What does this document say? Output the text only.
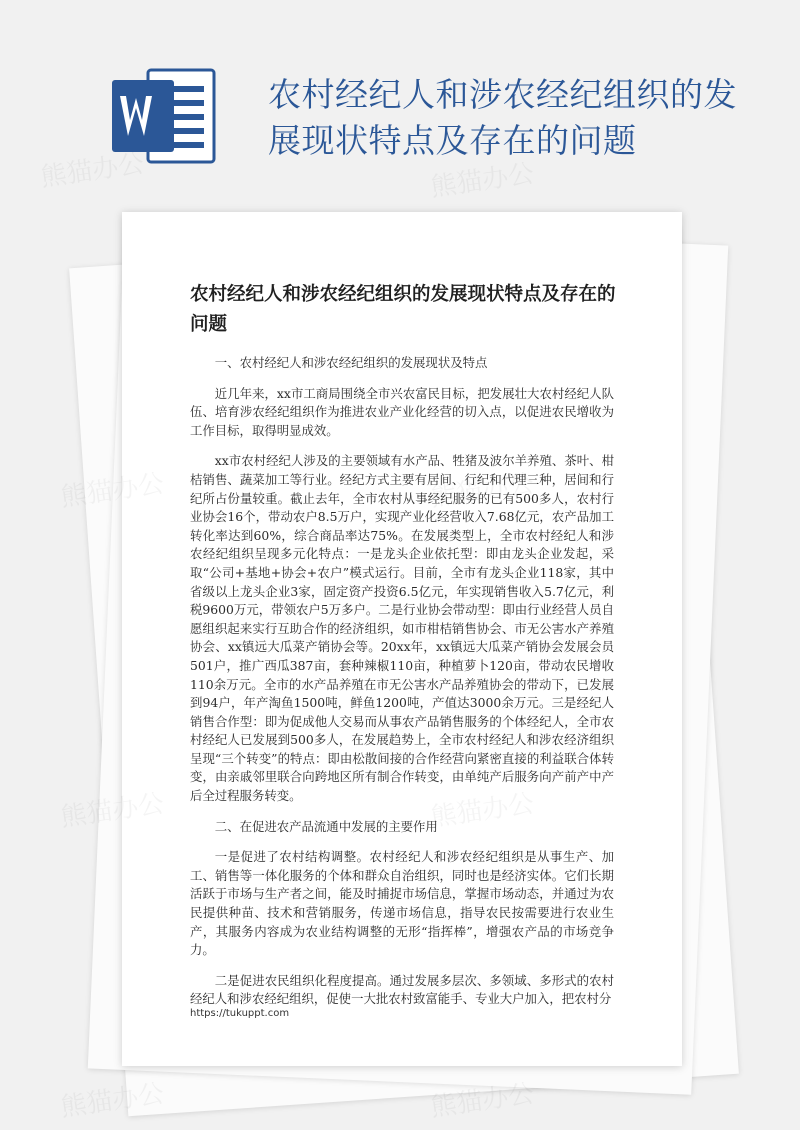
农村经纪人和涉农经纪组织的发展现状特点及存在的问题
农村经纪人和涉农经纪组织的发展现状特点及存在的问题

一、农村经纪人和涉农经纪组织的发展现状及特点

近几年来，xx市工商局围绕全市兴农富民目标，把发展壮大农村经纪人队伍、培育涉农经纪组织作为推进农业产业化经营的切入点，以促进农民增收为工作目标，取得明显成效。

xx市农村经纪人涉及的主要领域有水产品、牲猪及波尔羊养殖、茶叶、柑桔销售、蔬菜加工等行业。经纪方式主要有居间、行纪和代理三种，居间和行纪所占份量较重。截止去年，全市农村从事经纪服务的已有500多人，农村行业协会16个，带动农户8.5万户，实现产业化经营收入7.68亿元，农产品加工转化率达到60%，综合商品率达75%。在发展类型上，全市农村经纪人和涉农经纪组织呈现多元化特点：一是龙头企业依托型：即由龙头企业发起，采取“公司+基地+协会+农户”模式运行。目前，全市有龙头企业118家，其中省级以上龙头企业3家，固定资产投资6.5亿元，年实现销售收入5.7亿元，利税9600万元，带领农户5万多户。二是行业协会带动型：即由行业经营人员自愿组织起来实行互助合作的经济组织，如市柑桔销售协会、市无公害水产养殖协会、xx镇远大瓜菜产销协会等。20xx年，xx镇远大瓜菜产销协会发展会员501户，推广西瓜387亩，套种辣椒110亩，种植萝卜120亩，带动农民增收110余万元。全市的水产品养殖在市无公害水产品养殖协会的带动下，已发展到94户，年产淘鱼1500吨，鲜鱼1200吨，产值达3000余万元。三是经纪人销售合作型：即为促成他人交易而从事农产品销售服务的个体经纪人，全市农村经纪人已发展到500多人，在发展趋势上，全市农村经纪人和涉农经济组织呈现“三个转变”的特点：即由松散间接的合作经营向紧密直接的利益联合体转变，由亲戚邻里联合向跨地区所有制合作转变，由单纯产后服务向产前产中产后全过程服务转变。

二、在促进农产品流通中发展的主要作用

一是促进了农村结构调整。农村经纪人和涉农经纪组织是从事生产、加工、销售等一体化服务的个体和群众自治组织，同时也是经济实体。它们长期活跃于市场与生产者之间，能及时捕捉市场信息，掌握市场动态，并通过为农民提供种苗、技术和营销服务，传递市场信息，指导农民按需要进行农业生产，其服务内容成为农业结构调整的无形“指挥棒”，增强农产品的市场竞争力。

二是促进农民组织化程度提高。通过发展多层次、多领域、多形式的农村经纪人和涉农经纪组织，促使一大批农村致富能手、专业大户加入，把农村分

https://tukuppt.com
